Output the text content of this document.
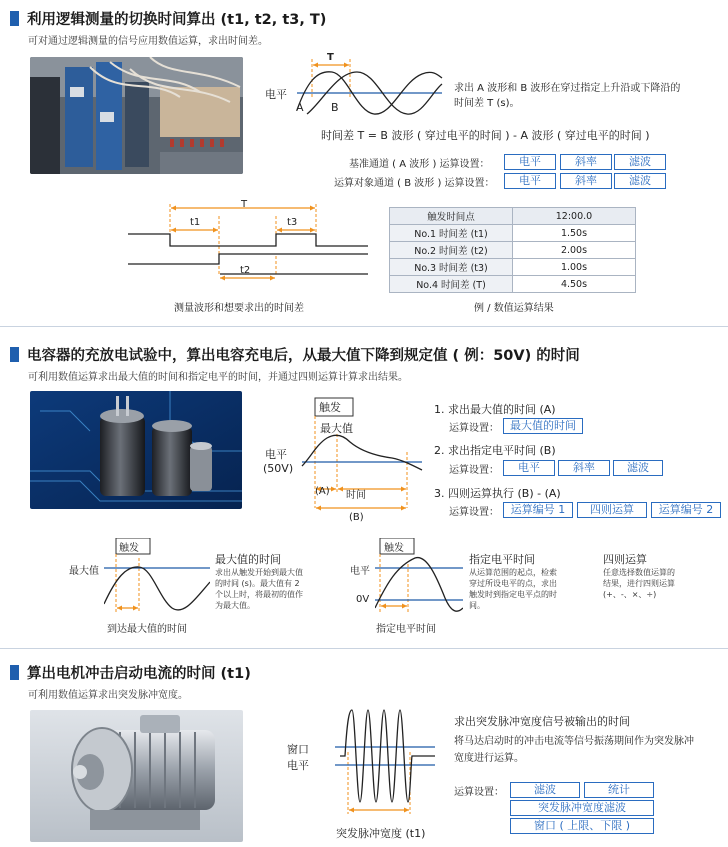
利用逻辑测量的切换时间算出 (t1, t2, t3, T)
可对通过逻辑测量的信号应用数值运算，求出时间差。
T
电平
A B
求出 A 波形和 B 波形在穿过指定上升沿或下降沿的
时间差 T (s)。
时间差 T = B 波形 ( 穿过电平的时间 ) - A 波形 ( 穿过电平的时间 )
基准通道 ( A 波形 ) 运算设置：	电平	斜率	滤波
运算对象通道 ( B 波形 ) 运算设置：	电平	斜率	滤波
T
t1	t3
t2
测量波形和想要求出的时间差
触发时间点	12:00.0
No.1 时间差 (t1)	1.50s
No.2 时间差 (t2)	2.00s
No.3 时间差 (t3)	1.00s
No.4 时间差 (T)	4.50s
例 / 数值运算结果
电容器的充放电试验中，算出电容充电后，从最大值下降到规定值 ( 例：50V) 的时间
可利用数值运算求出最大值的时间和指定电平的时间，并通过四则运算计算求出结果。
触发
最大值
电平
(50V)
(A) 时间
(B)
1. 求出最大值的时间 (A)
运算设置：	最大值的时间
2. 求出指定电平时间 (B)
运算设置：	电平	斜率	滤波
3. 四则运算执行 (B) - (A)
运算设置：	运算编号 1	四则运算	运算编号 2
触发
最大值
到达最大值的时间
最大值的时间
求出从触发开始到最大值
的时间 (s)。最大值有 2
个以上时，将最初的值作
为最大值。
触发
电平
0V
指定电平时间
指定电平时间
从运算范围的起点，检索
穿过所设电平的点，求出
触发时到指定电平点的时
间。
四则运算
任意选择数值运算的
结果，进行四则运算
(+、-、×、÷)
算出电机冲击启动电流的时间 (t1)
可利用数值运算求出突发脉冲宽度。
窗口
电平
突发脉冲宽度 (t1)
求出突发脉冲宽度信号被输出的时间
将马达启动时的冲击电流等信号振荡期间作为突发脉冲
宽度进行运算。
运算设置：	滤波	统计
突发脉冲宽度滤波
窗口 ( 上限、下限 )
